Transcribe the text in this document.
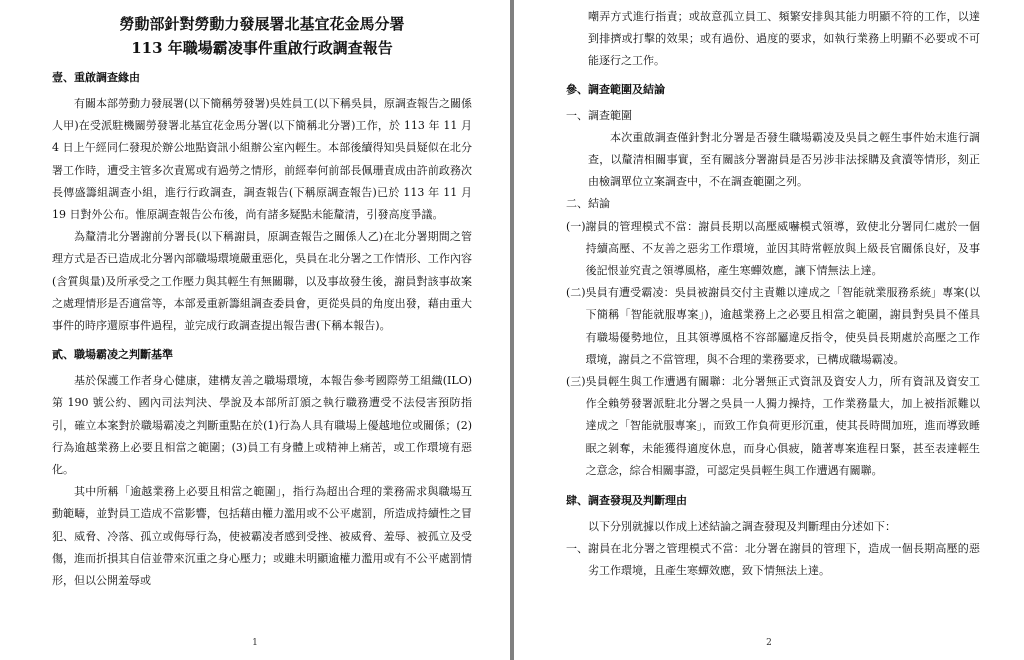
勞動部針對勞動力發展署北基宜花金馬分署

113 年職場霸凌事件重啟行政調查報告

壹、重啟調查緣由

有關本部勞動力發展署(以下簡稱勞發署)吳姓員工(以下稱吳員，原調查報告之關係人甲)在受派駐機關勞發署北基宜花金馬分署(以下簡稱北分署)工作，於 113 年 11 月 4 日上午經同仁發現於辦公地點資訊小組辦公室內輕生。本部後續得知吳員疑似在北分署工作時，遭受主管多次責罵或有過勞之情形，前經奉何前部長佩珊責成由許前政務次長傳盛籌組調查小組，進行行政調查，調查報告(下稱原調查報告)已於 113 年 11 月 19 日對外公布。惟原調查報告公布後，尚有諸多疑點未能釐清，引發高度爭議。

為釐清北分署謝前分署長(以下稱謝員，原調查報告之關係人乙)在北分署期間之管理方式是否已造成北分署內部職場環境嚴重惡化，吳員在北分署之工作情形、工作內容(含質與量)及所承受之工作壓力與其輕生有無關聯，以及事故發生後，謝員對該事故案之處理情形是否適當等，本部爰重新籌組調查委員會，更從吳員的角度出發，藉由重大事件的時序還原事件過程，並完成行政調查提出報告書(下稱本報告)。

貳、職場霸凌之判斷基準

基於保護工作者身心健康，建構友善之職場環境，本報告參考國際勞工組織(ILO) 第 190 號公約、國內司法判決、學說及本部所訂頒之執行職務遭受不法侵害預防指引，確立本案對於職場霸凌之判斷重點在於(1)行為人具有職場上優越地位或關係；(2)行為逾越業務上必要且相當之範圍；(3)員工有身體上或精神上痛苦，或工作環境有惡化。

其中所稱「逾越業務上必要且相當之範圍」，指行為超出合理的業務需求與職場互動範疇，並對員工造成不當影響，包括藉由權力濫用或不公平處罰，所造成持續性之冒犯、威脅、冷落、孤立或侮辱行為，使被霸凌者感到受挫、被威脅、羞辱、被孤立及受傷，進而折損其自信並帶來沉重之身心壓力；或雖未明顯逾權力濫用或有不公平處罰情形，但以公開羞辱或

1

嘲弄方式進行指責；或故意孤立員工、頻繁安排與其能力明顯不符的工作，以達到排擠或打擊的效果；或有過份、過度的要求，如執行業務上明顯不必要或不可能逐行之工作。

參、調查範圍及結論

一、調查範圍

本次重啟調查僅針對北分署是否發生職場霸凌及吳員之輕生事件始末進行調查，以釐清相關事實，至有關該分署謝員是否另涉非法採購及貪瀆等情形，刻正由檢調單位立案調查中，不在調查範圍之列。

二、結論

(一) 謝員的管理模式不當：謝員長期以高壓威嚇模式領導，致使北分署同仁處於一個持續高壓、不友善之惡劣工作環境，並因其時常輕放與上級長官關係良好，及事後記恨並究責之領導風格，產生寒蟬效應，讓下情無法上達。
(二) 吳員有遭受霸凌：吳員被謝員交付主責難以達成之「智能就業服務系統」專案(以下簡稱「智能就服專案」)，逾越業務上之必要且相當之範圍，謝員對吳員不僅具有職場優勢地位，且其領導風格不容部屬違反指令，使吳員長期處於高壓之工作環境，謝員之不當管理，與不合理的業務要求，已構成職場霸凌。
(三) 吳員輕生與工作遭遇有關聯：北分署無正式資訊及資安人力，所有資訊及資安工作全賴勞發署派駐北分署之吳員一人獨力操持，工作業務量大，加上被指派難以達成之「智能就服專案」，而致工作負荷更形沉重，使其長時間加班，進而導致睡眠之剝奪，未能獲得適度休息，而身心俱疲，隨著專案進程日緊，甚至表達輕生之意念，綜合相關事證，可認定吳員輕生與工作遭遇有關聯。

肆、調查發現及判斷理由

以下分別就據以作成上述結論之調查發現及判斷理由分述如下：

一、 謝員在北分署之管理模式不當：北分署在謝員的管理下，造成一個長期高壓的惡劣工作環境，且產生寒蟬效應，致下情無法上達。
2
